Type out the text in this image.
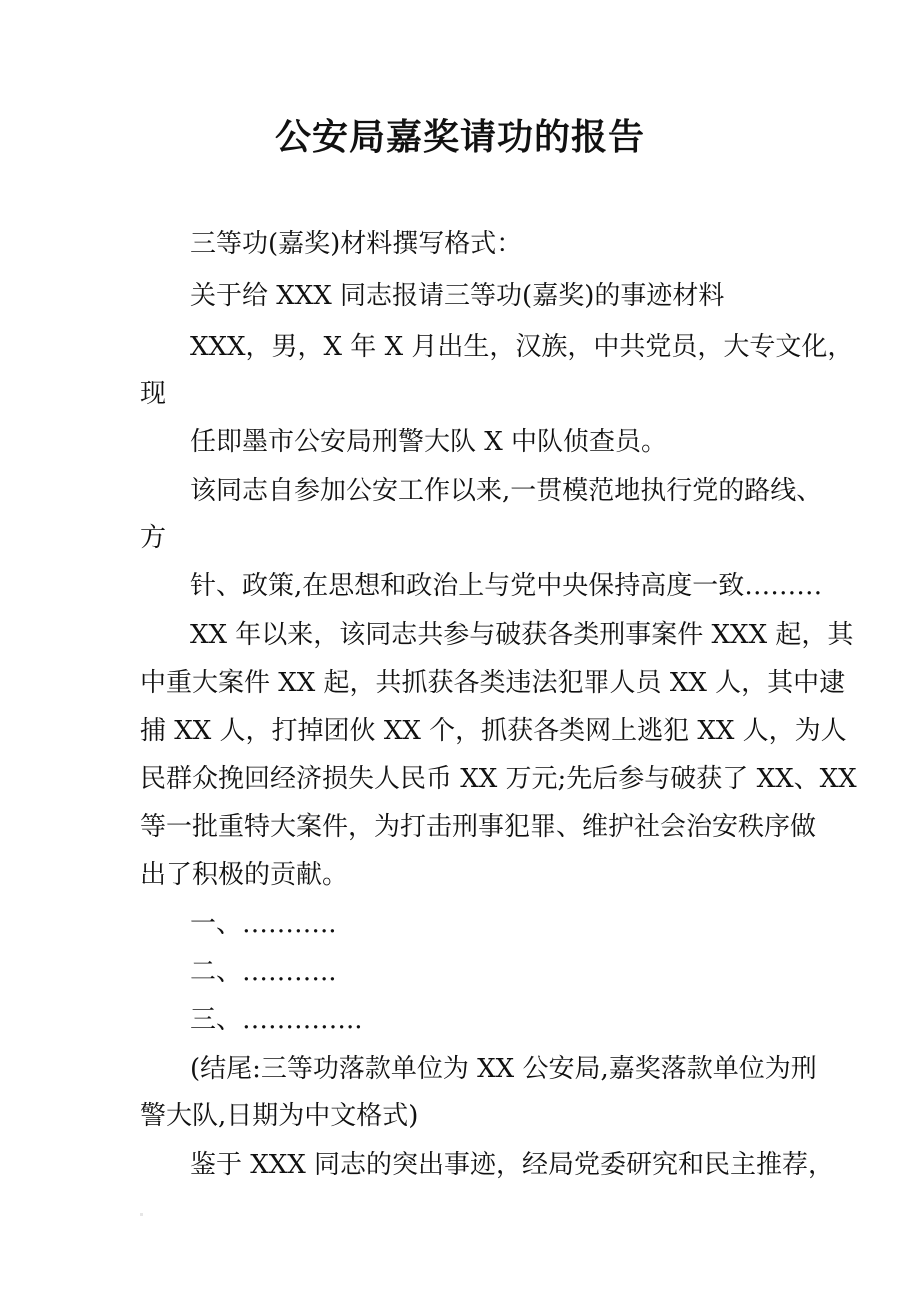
公安局嘉奖请功的报告
三等功(嘉奖)材料撰写格式：
关于给 XXX 同志报请三等功(嘉奖)的事迹材料
XXX，男，X 年 X 月出生，汉族，中共党员，大专文化，
现
任即墨市公安局刑警大队 X 中队侦查员。
该同志自参加公安工作以来,一贯模范地执行党的路线、
方
针、政策,在思想和政治上与党中央保持高度一致………
XX 年以来，该同志共参与破获各类刑事案件 XXX 起，其
中重大案件 XX 起，共抓获各类违法犯罪人员 XX 人，其中逮
捕 XX 人，打掉团伙 XX 个，抓获各类网上逃犯 XX 人，为人
民群众挽回经济损失人民币 XX 万元;先后参与破获了 XX、XX
等一批重特大案件，为打击刑事犯罪、维护社会治安秩序做
出了积极的贡献。
一、………..
二、………..
三、…………..
(结尾:三等功落款单位为 XX 公安局,嘉奖落款单位为刑
警大队,日期为中文格式)
鉴于 XXX 同志的突出事迹，经局党委研究和民主推荐，
